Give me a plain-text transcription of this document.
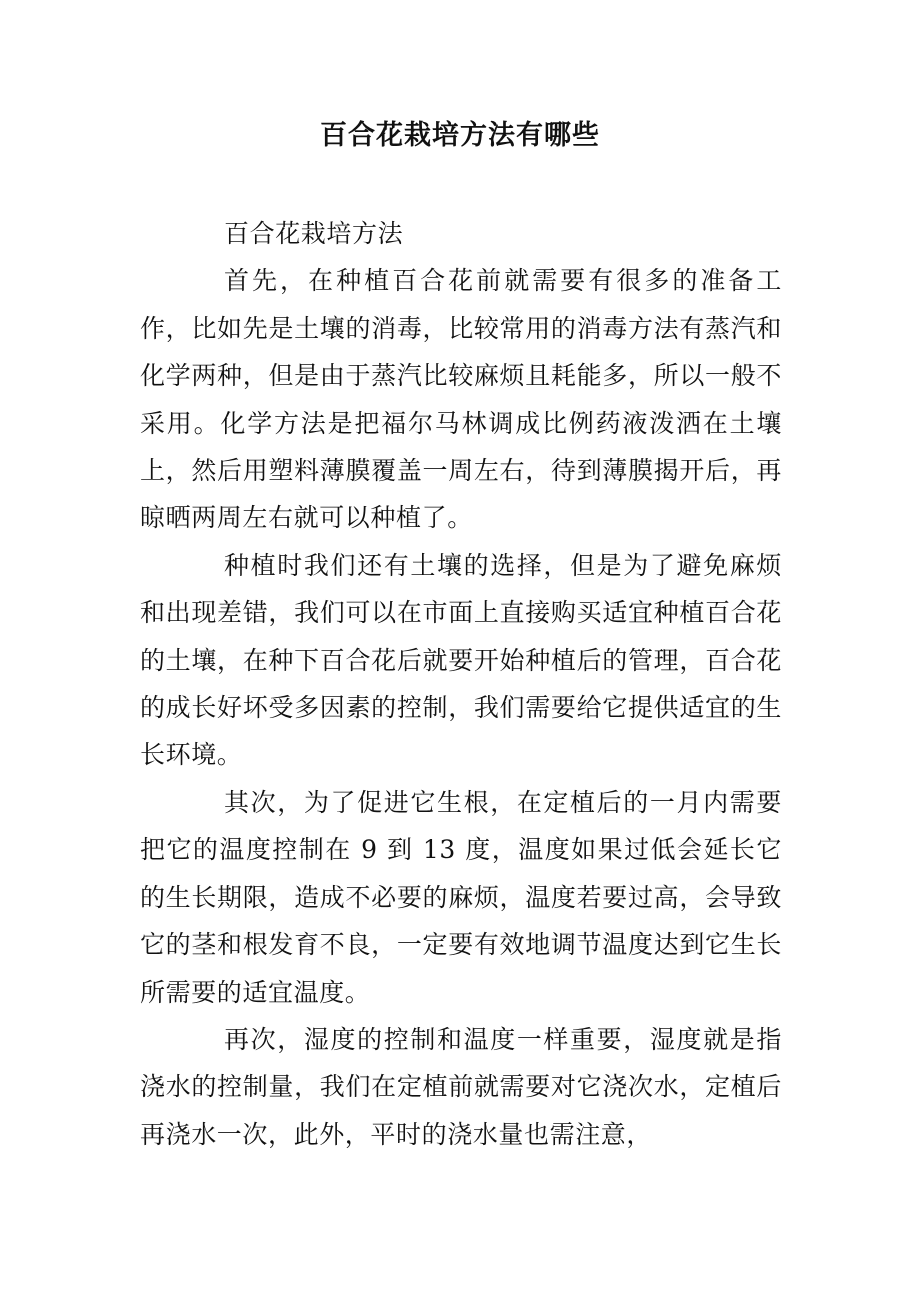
百合花栽培方法有哪些

百合花栽培方法

首先，在种植百合花前就需要有很多的准备工作，比如先是土壤的消毒，比较常用的消毒方法有蒸汽和化学两种，但是由于蒸汽比较麻烦且耗能多，所以一般不采用。化学方法是把福尔马林调成比例药液泼洒在土壤上，然后用塑料薄膜覆盖一周左右，待到薄膜揭开后，再晾晒两周左右就可以种植了。

种植时我们还有土壤的选择，但是为了避免麻烦和出现差错，我们可以在市面上直接购买适宜种植百合花的土壤，在种下百合花后就要开始种植后的管理，百合花的成长好坏受多因素的控制，我们需要给它提供适宜的生长环境。

其次，为了促进它生根，在定植后的一月内需要把它的温度控制在 9 到 13 度，温度如果过低会延长它的生长期限，造成不必要的麻烦，温度若要过高，会导致它的茎和根发育不良，一定要有效地调节温度达到它生长所需要的适宜温度。

再次，湿度的控制和温度一样重要，湿度就是指浇水的控制量，我们在定植前就需要对它浇次水，定植后再浇水一次，此外，平时的浇水量也需注意，
